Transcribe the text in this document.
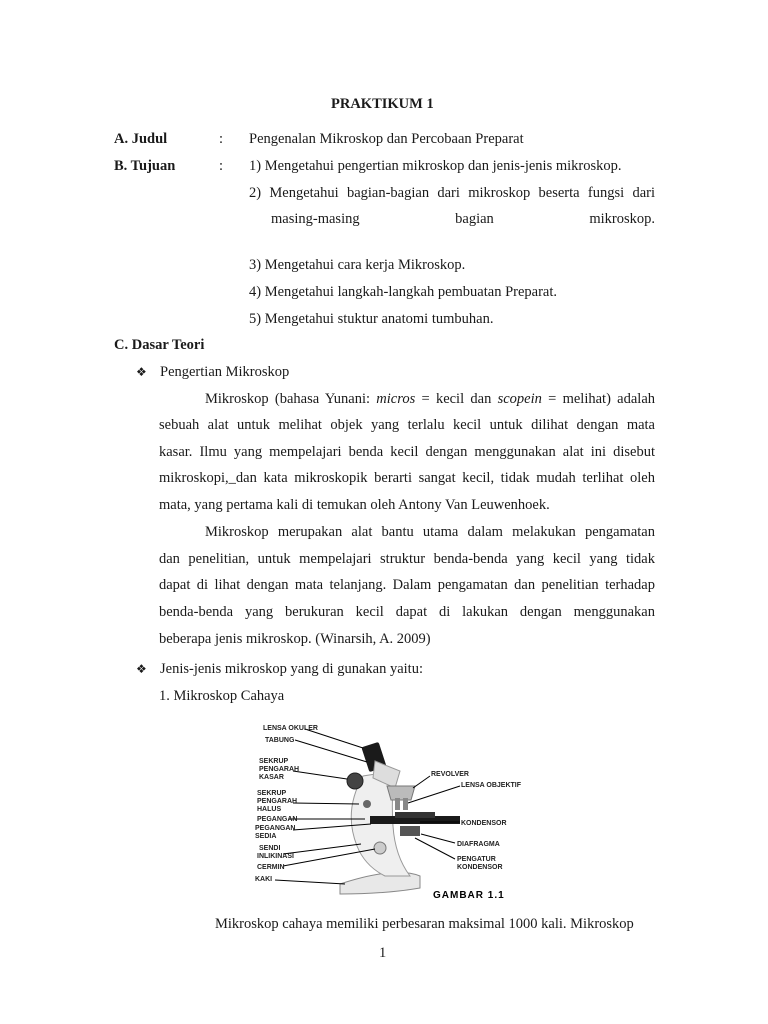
PRAKTIKUM 1
A. Judul	: Pengenalan Mikroskop dan Percobaan Preparat
B. Tujuan	: 1) Mengetahui pengertian mikroskop dan jenis-jenis mikroskop.
2) Mengetahui bagian-bagian dari mikroskop beserta fungsi dari
masing-masing	bagian	mikroskop.
3) Mengetahui cara kerja Mikroskop.
4) Mengetahui langkah-langkah pembuatan Preparat.
5) Mengetahui stuktur anatomi tumbuhan.
C. Dasar Teori
❖ Pengertian Mikroskop
Mikroskop (bahasa Yunani: micros = kecil dan scopein = melihat) adalah
sebuah alat untuk melihat objek yang terlalu kecil untuk dilihat dengan mata
kasar. Ilmu yang mempelajari benda kecil dengan menggunakan alat ini disebut
mikroskopi,_dan kata mikroskopik berarti sangat kecil, tidak mudah terlihat oleh
mata, yang pertama kali di temukan oleh Antony Van Leuwenhoek.
Mikroskop merupakan alat bantu utama dalam melakukan pengamatan
dan penelitian, untuk mempelajari struktur benda-benda yang kecil yang tidak
dapat di lihat dengan mata telanjang. Dalam pengamatan dan penelitian terhadap
benda-benda yang berukuran kecil dapat di lakukan dengan menggunakan
beberapa jenis mikroskop. (Winarsih, A. 2009)
❖ Jenis-jenis mikroskop yang di gunakan yaitu:
1. Mikroskop Cahaya
LENSA OKULER
TABUNG
SEKRUP
PENGARAH
KASAR
SEKRUP
PENGARAH
HALUS
PEGANGAN
PEGANGAN
SEDIA
SENDI
INLIKINASI
CERMIN
KAKI
REVOLVER
LENSA OBJEKTIF
KONDENSOR
DIAFRAGMA
PENGATUR
KONDENSOR
GAMBAR 1.1
Mikroskop cahaya memiliki perbesaran maksimal 1000 kali. Mikroskop
1
